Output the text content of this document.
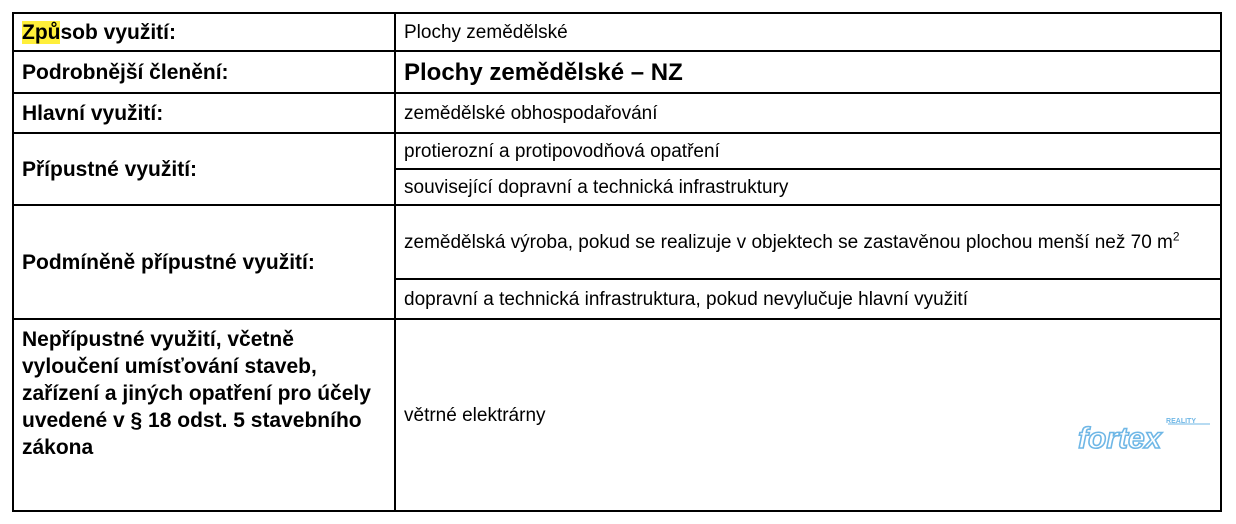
Způsob využití:	Plochy zemědělské
Podrobnější členění:	Plochy zemědělské – NZ
Hlavní využití:	zemědělské obhospodařování
Přípustné využití:	protierozní a protipovodňová opatření
	související dopravní a technická infrastruktury
Podmíněně přípustné využití:	zemědělská výroba, pokud se realizuje v objektech se zastavěnou plochou menší než 70 $m^2$
	dopravní a technická infrastruktura, pokud nevylučuje hlavní využití
Nepřípustné využití, včetně vyloučení umísťování staveb, zařízení a jiných opatření pro účely uvedené v § 18 odst. 5 stavebního zákona	větrné elektrárny	REALITY
fortex
